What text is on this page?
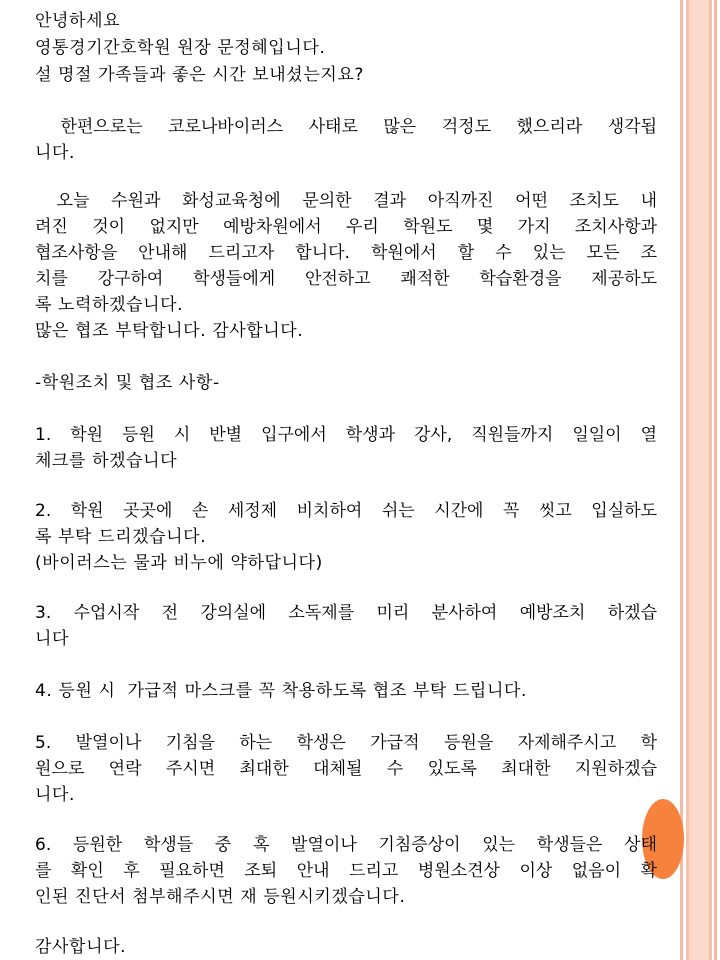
안녕하세요

영통경기간호학원 원장 문정혜입니다.

설 명절 가족들과 좋은 시간 보내셨는지요?

한편으로는 코로나바이러스 사태로 많은 걱정도 했으리라 생각됩

니다.

오늘 수원과 화성교육청에 문의한 결과 아직까진 어떤 조치도 내

려진 것이 없지만 예방차원에서 우리 학원도 몇 가지 조치사항과

협조사항을 안내해 드리고자 합니다. 학원에서 할 수 있는 모든 조

치를 강구하여 학생들에게 안전하고 쾌적한 학습환경을 제공하도

록 노력하겠습니다.

많은 협조 부탁합니다. 감사합니다.

-학원조치 및 협조 사항-

1. 학원 등원 시 반별 입구에서 학생과 강사, 직원들까지 일일이 열

체크를 하겠습니다

2. 학원 곳곳에 손 세정제 비치하여 쉬는 시간에 꼭 씻고 입실하도

록 부탁 드리겠습니다.

(바이러스는 물과 비누에 약하답니다)

3. 수업시작 전 강의실에 소독제를 미리 분사하여 예방조치 하겠습

니다

4. 등원 시  가급적 마스크를 꼭 착용하도록 협조 부탁 드립니다.

5. 발열이나 기침을 하는 학생은 가급적 등원을 자제해주시고 학

원으로 연락 주시면 최대한 대체될 수 있도록 최대한 지원하겠습

니다.

6. 등원한 학생들 중 혹 발열이나 기침증상이 있는 학생들은 상태

를 확인 후 필요하면 조퇴 안내 드리고 병원소견상 이상 없음이 확

인된 진단서 첨부해주시면 재 등원시키겠습니다.

감사합니다.
